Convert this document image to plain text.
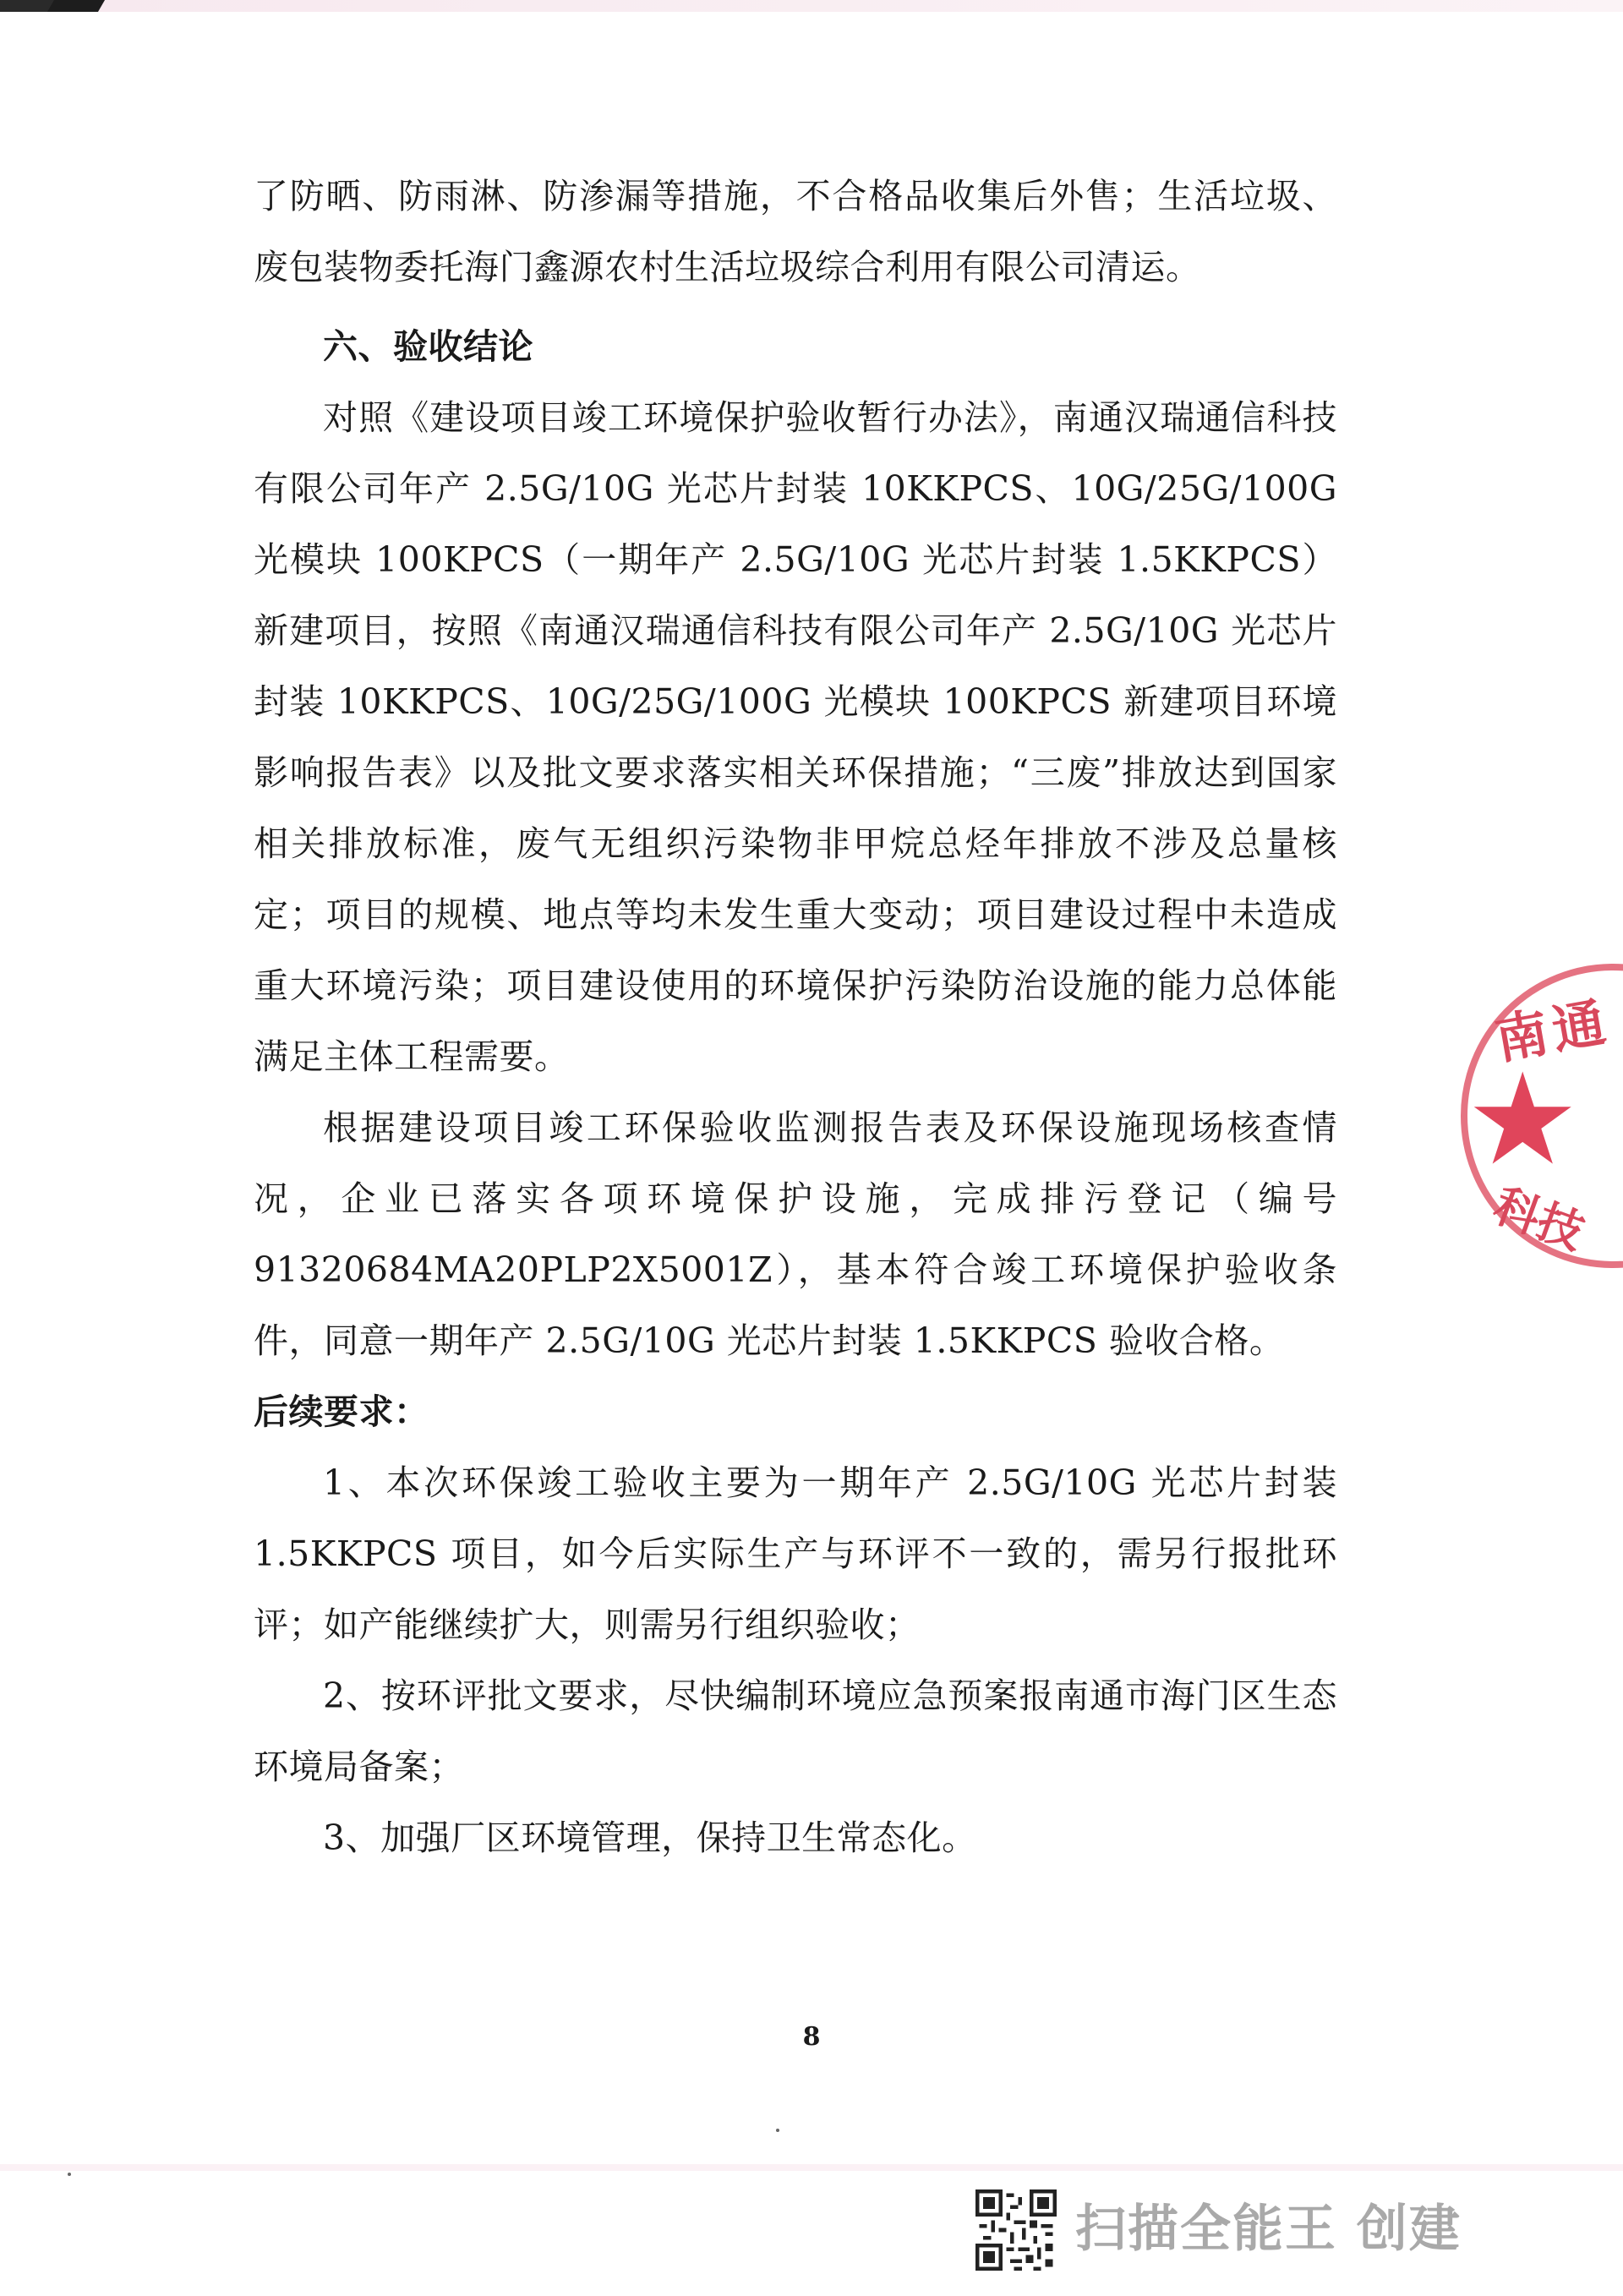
了防晒、防雨淋、防渗漏等措施，不合格品收集后外售；生活垃圾、废包装物委托海门鑫源农村生活垃圾综合利用有限公司清运。

六、验收结论

对照《建设项目竣工环境保护验收暂行办法》，南通汉瑞通信科技有限公司年产 2.5G/10G 光芯片封装 10KKPCS、10G/25G/100G 光模块 100KPCS（一期年产 2.5G/10G 光芯片封装 1.5KKPCS）新建项目，按照《南通汉瑞通信科技有限公司年产 2.5G/10G 光芯片封装 10KKPCS、10G/25G/100G 光模块 100KPCS 新建项目环境影响报告表》以及批文要求落实相关环保措施；“三废”排放达到国家相关排放标准，废气无组织污染物非甲烷总烃年排放不涉及总量核定；项目的规模、地点等均未发生重大变动；项目建设过程中未造成重大环境污染；项目建设使用的环境保护污染防治设施的能力总体能满足主体工程需要。

根据建设项目竣工环保验收监测报告表及环保设施现场核查情况，企业已落实各项环境保护设施，完成排污登记（编号91320684MA20PLP2X5001Z），基本符合竣工环境保护验收条件，同意一期年产 2.5G/10G 光芯片封装 1.5KKPCS 验收合格。

后续要求：

1、本次环保竣工验收主要为一期年产 2.5G/10G 光芯片封装 1.5KKPCS 项目，如今后实际生产与环评不一致的，需另行报批环评；如产能继续扩大，则需另行组织验收；

2、按环评批文要求，尽快编制环境应急预案报南通市海门区生态环境局备案；

3、加强厂区环境管理，保持卫生常态化。

8
南通
★
科技
扫描全能王 创建
